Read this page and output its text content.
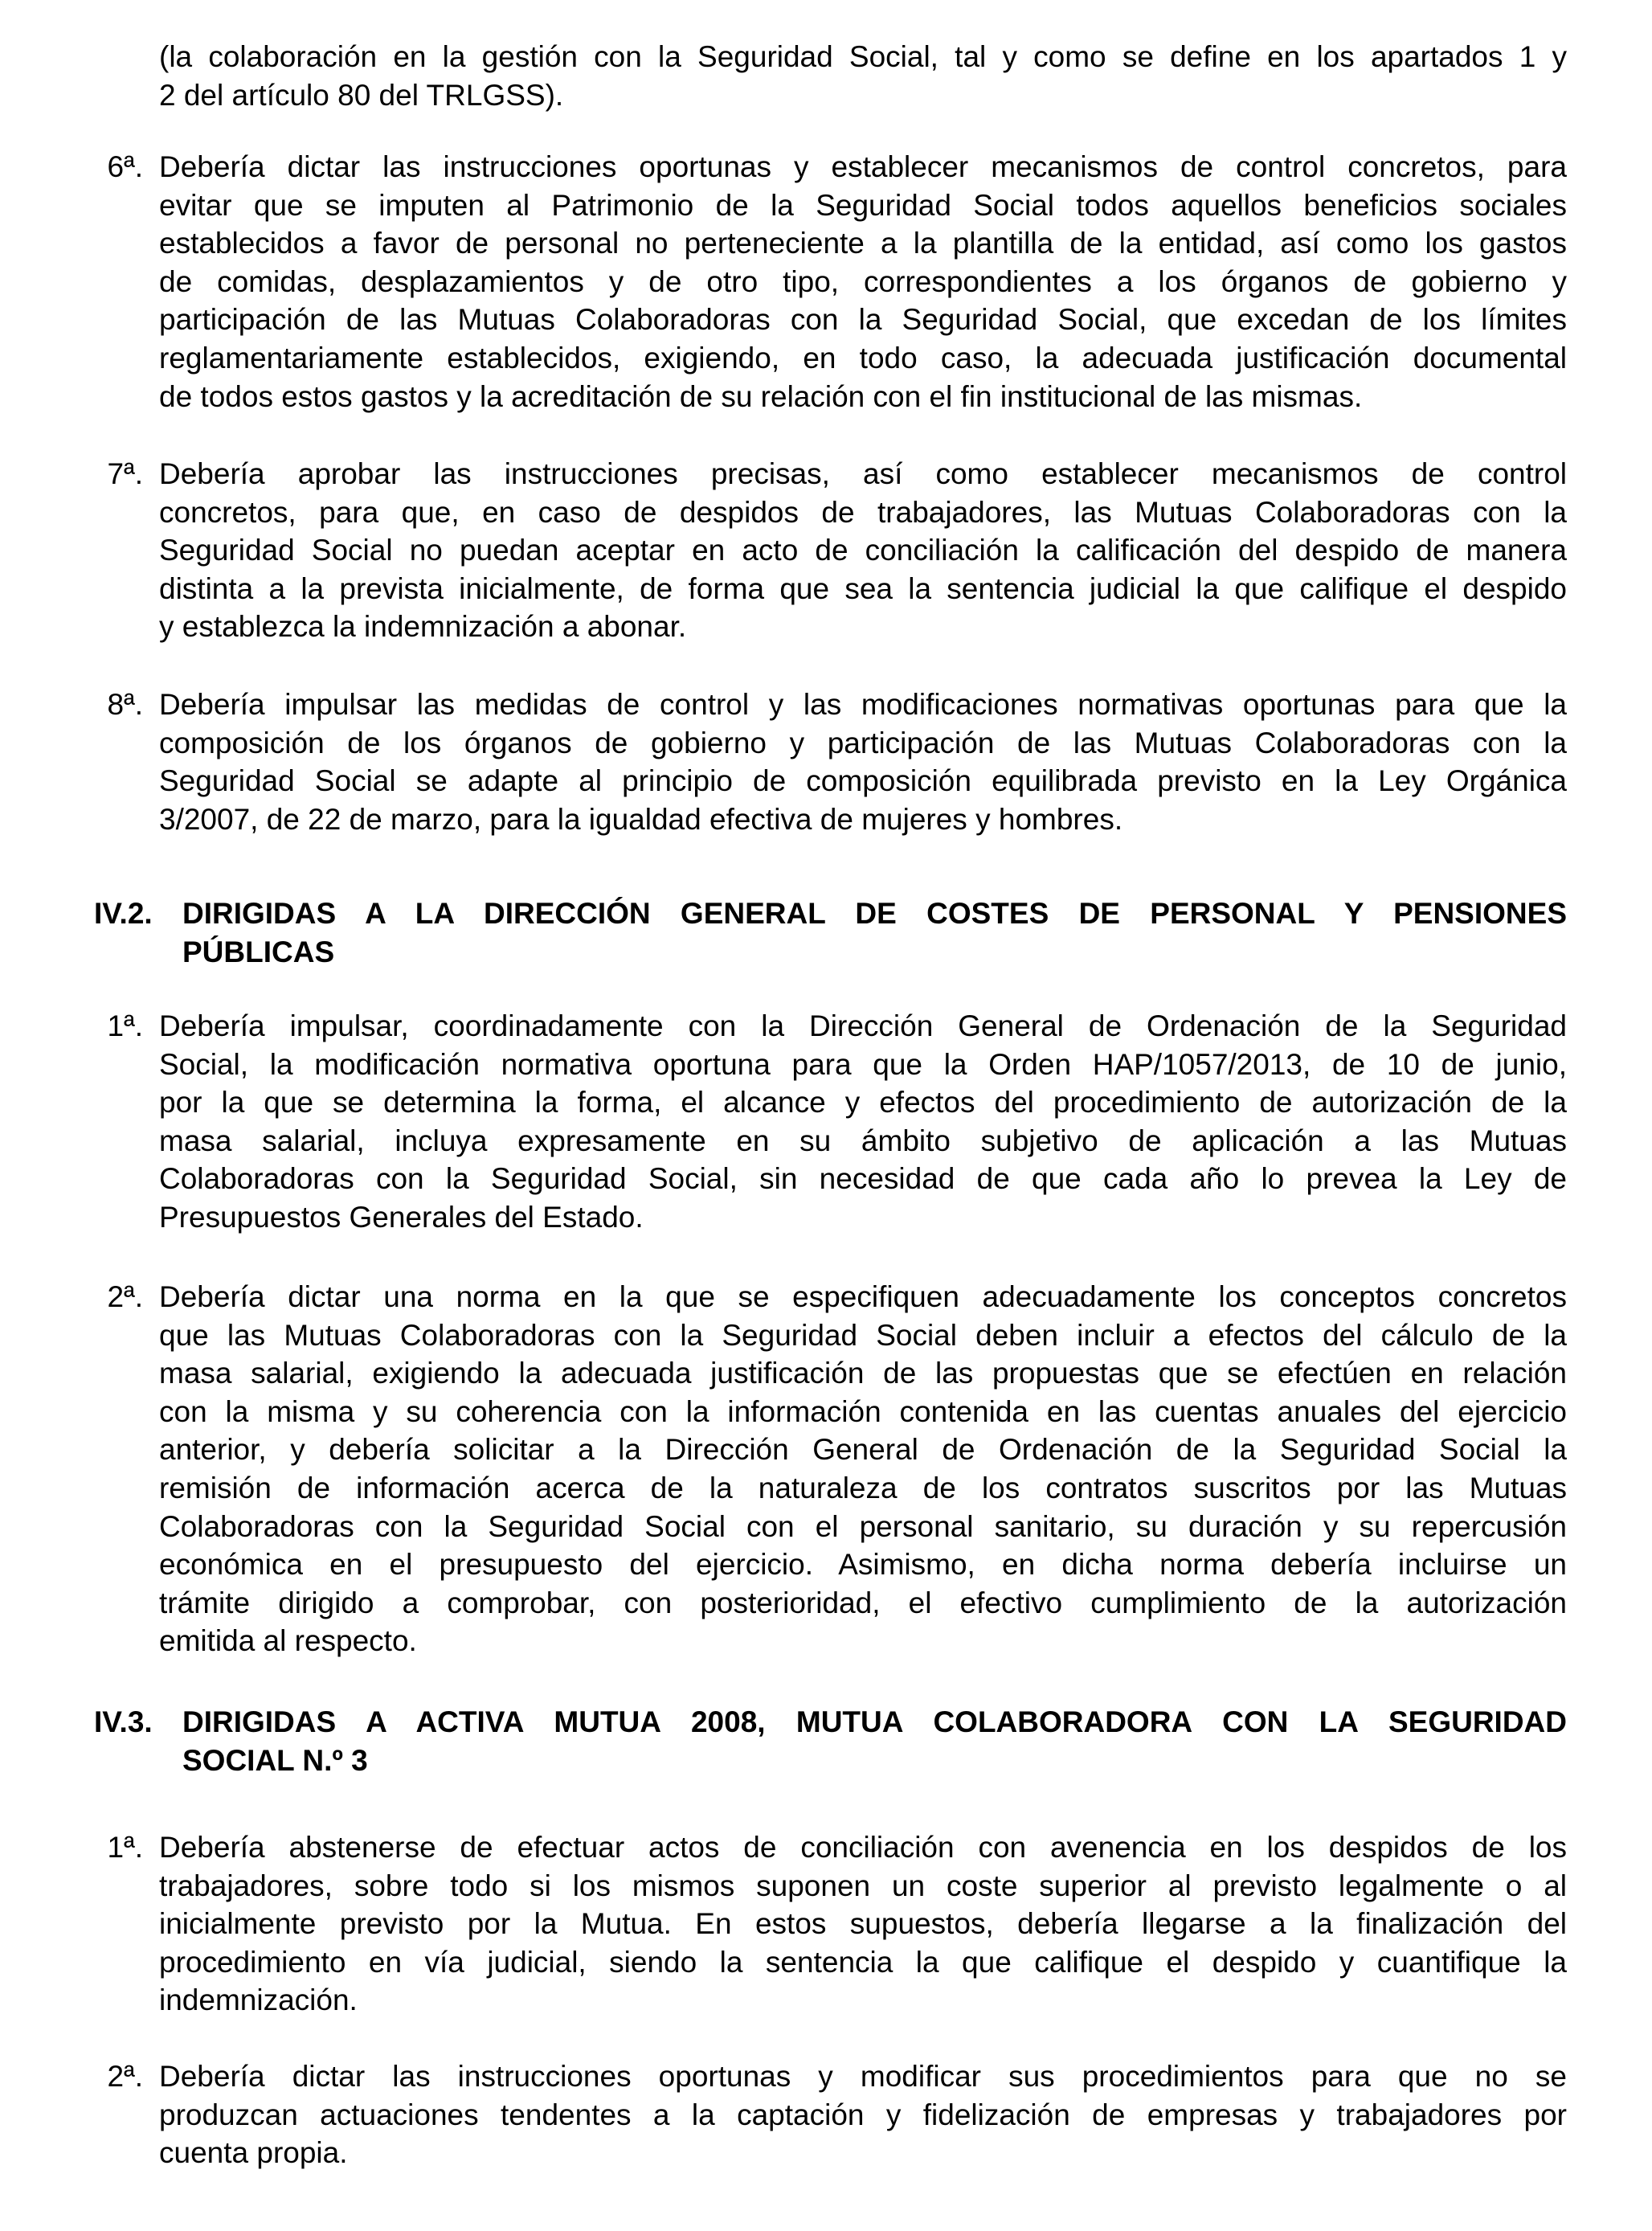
(la colaboración en la gestión con la Seguridad Social, tal y como se define en los apartados 1 y
2 del artículo 80 del TRLGSS).
6ª. Debería dictar las instrucciones oportunas y establecer mecanismos de control concretos, para
evitar que se imputen al Patrimonio de la Seguridad Social todos aquellos beneficios sociales
establecidos a favor de personal no perteneciente a la plantilla de la entidad, así como los gastos
de comidas, desplazamientos y de otro tipo, correspondientes a los órganos de gobierno y
participación de las Mutuas Colaboradoras con la Seguridad Social, que excedan de los límites
reglamentariamente establecidos, exigiendo, en todo caso, la adecuada justificación documental
de todos estos gastos y la acreditación de su relación con el fin institucional de las mismas.
7ª. Debería aprobar las instrucciones precisas, así como establecer mecanismos de control
concretos, para que, en caso de despidos de trabajadores, las Mutuas Colaboradoras con la
Seguridad Social no puedan aceptar en acto de conciliación la calificación del despido de manera
distinta a la prevista inicialmente, de forma que sea la sentencia judicial la que califique el despido
y establezca la indemnización a abonar.
8ª. Debería impulsar las medidas de control y las modificaciones normativas oportunas para que la
composición de los órganos de gobierno y participación de las Mutuas Colaboradoras con la
Seguridad Social se adapte al principio de composición equilibrada previsto en la Ley Orgánica
3/2007, de 22 de marzo, para la igualdad efectiva de mujeres y hombres.
IV.2. DIRIGIDAS A LA DIRECCIÓN GENERAL DE COSTES DE PERSONAL Y PENSIONES
PÚBLICAS
1ª. Debería impulsar, coordinadamente con la Dirección General de Ordenación de la Seguridad
Social, la modificación normativa oportuna para que la Orden HAP/1057/2013, de 10 de junio,
por la que se determina la forma, el alcance y efectos del procedimiento de autorización de la
masa salarial, incluya expresamente en su ámbito subjetivo de aplicación a las Mutuas
Colaboradoras con la Seguridad Social, sin necesidad de que cada año lo prevea la Ley de
Presupuestos Generales del Estado.
2ª. Debería dictar una norma en la que se especifiquen adecuadamente los conceptos concretos
que las Mutuas Colaboradoras con la Seguridad Social deben incluir a efectos del cálculo de la
masa salarial, exigiendo la adecuada justificación de las propuestas que se efectúen en relación
con la misma y su coherencia con la información contenida en las cuentas anuales del ejercicio
anterior, y debería solicitar a la Dirección General de Ordenación de la Seguridad Social la
remisión de información acerca de la naturaleza de los contratos suscritos por las Mutuas
Colaboradoras con la Seguridad Social con el personal sanitario, su duración y su repercusión
económica en el presupuesto del ejercicio. Asimismo, en dicha norma debería incluirse un
trámite dirigido a comprobar, con posterioridad, el efectivo cumplimiento de la autorización
emitida al respecto.
IV.3. DIRIGIDAS A ACTIVA MUTUA 2008, MUTUA COLABORADORA CON LA SEGURIDAD
SOCIAL N.º 3
1ª. Debería abstenerse de efectuar actos de conciliación con avenencia en los despidos de los
trabajadores, sobre todo si los mismos suponen un coste superior al previsto legalmente o al
inicialmente previsto por la Mutua. En estos supuestos, debería llegarse a la finalización del
procedimiento en vía judicial, siendo la sentencia la que califique el despido y cuantifique la
indemnización.
2ª. Debería dictar las instrucciones oportunas y modificar sus procedimientos para que no se
produzcan actuaciones tendentes a la captación y fidelización de empresas y trabajadores por
cuenta propia.
